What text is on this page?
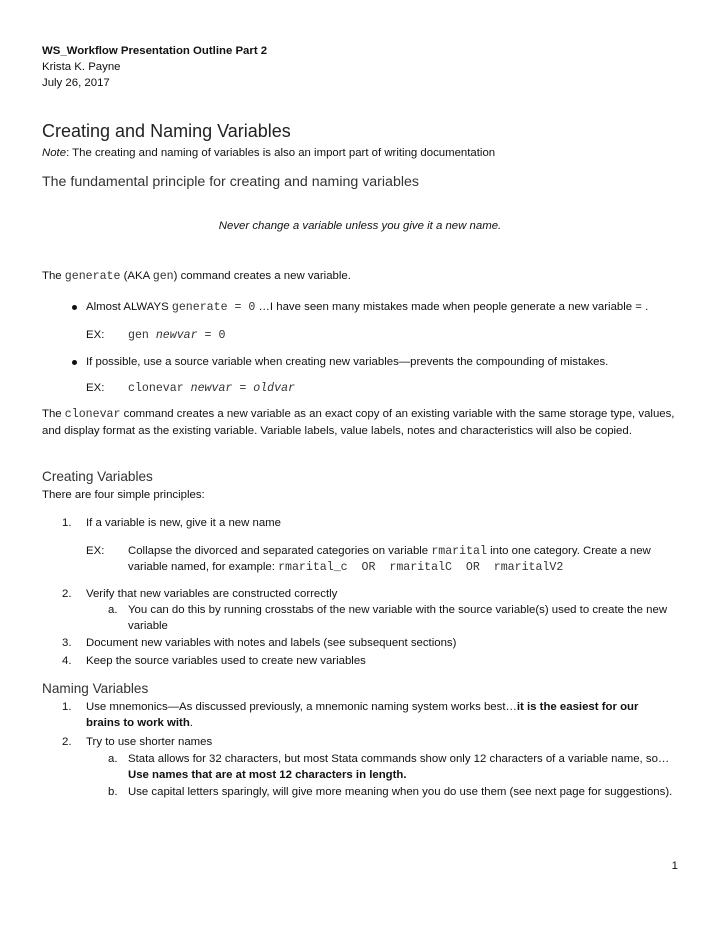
WS_Workflow Presentation Outline Part 2
Krista K. Payne
July 26, 2017
Creating and Naming Variables
Note: The creating and naming of variables is also an import part of writing documentation
The fundamental principle for creating and naming variables
Never change a variable unless you give it a new name.
The generate (AKA gen) command creates a new variable.
Almost ALWAYS generate = 0 …I have seen many mistakes made when people generate a new variable = .
EX: gen newvar = 0
If possible, use a source variable when creating new variables—prevents the compounding of mistakes.
EX: clonevar newvar = oldvar
The clonevar command creates a new variable as an exact copy of an existing variable with the same storage type, values, and display format as the existing variable. Variable labels, value labels, notes and characteristics will also be copied.
Creating Variables
There are four simple principles:
1. If a variable is new, give it a new name
EX: Collapse the divorced and separated categories on variable rmarital into one category. Create a new
variable named, for example: rmarital_c  OR  rmaritalC  OR  rmaritalV2
2. Verify that new variables are constructed correctly
a. You can do this by running crosstabs of the new variable with the source variable(s) used to create the new variable
3. Document new variables with notes and labels (see subsequent sections)
4. Keep the source variables used to create new variables
Naming Variables
1. Use mnemonics—As discussed previously, a mnemonic naming system works best…it is the easiest for our brains to work with.
2. Try to use shorter names
a. Stata allows for 32 characters, but most Stata commands show only 12 characters of a variable name, so…Use names that are at most 12 characters in length.
b. Use capital letters sparingly, will give more meaning when you do use them (see next page for suggestions).
1
